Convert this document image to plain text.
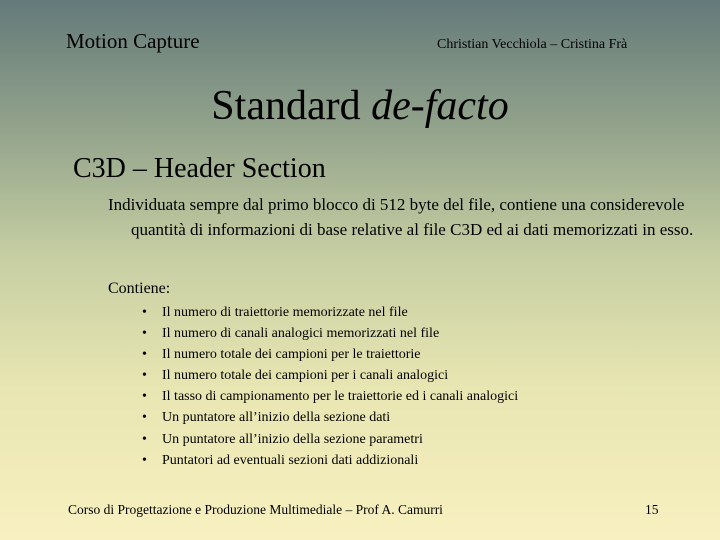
Motion Capture	Christian Vecchiola – Cristina Frà
Standard de-facto
C3D – Header Section
Individuata sempre dal primo blocco di 512 byte del file, contiene una considerevole quantità di informazioni di base relative al file C3D ed ai dati memorizzati in esso.
Contiene:
• Il numero di traiettorie memorizzate nel file
• Il numero di canali analogici memorizzati nel file
• Il numero totale dei campioni per le traiettorie
• Il numero totale dei campioni per i canali analogici
• Il tasso di campionamento per le traiettorie ed i canali analogici
• Un puntatore all’inizio della sezione dati
• Un puntatore all’inizio della sezione parametri
• Puntatori ad eventuali sezioni dati addizionali
Corso di Progettazione e Produzione Multimediale – Prof A. Camurri	15
